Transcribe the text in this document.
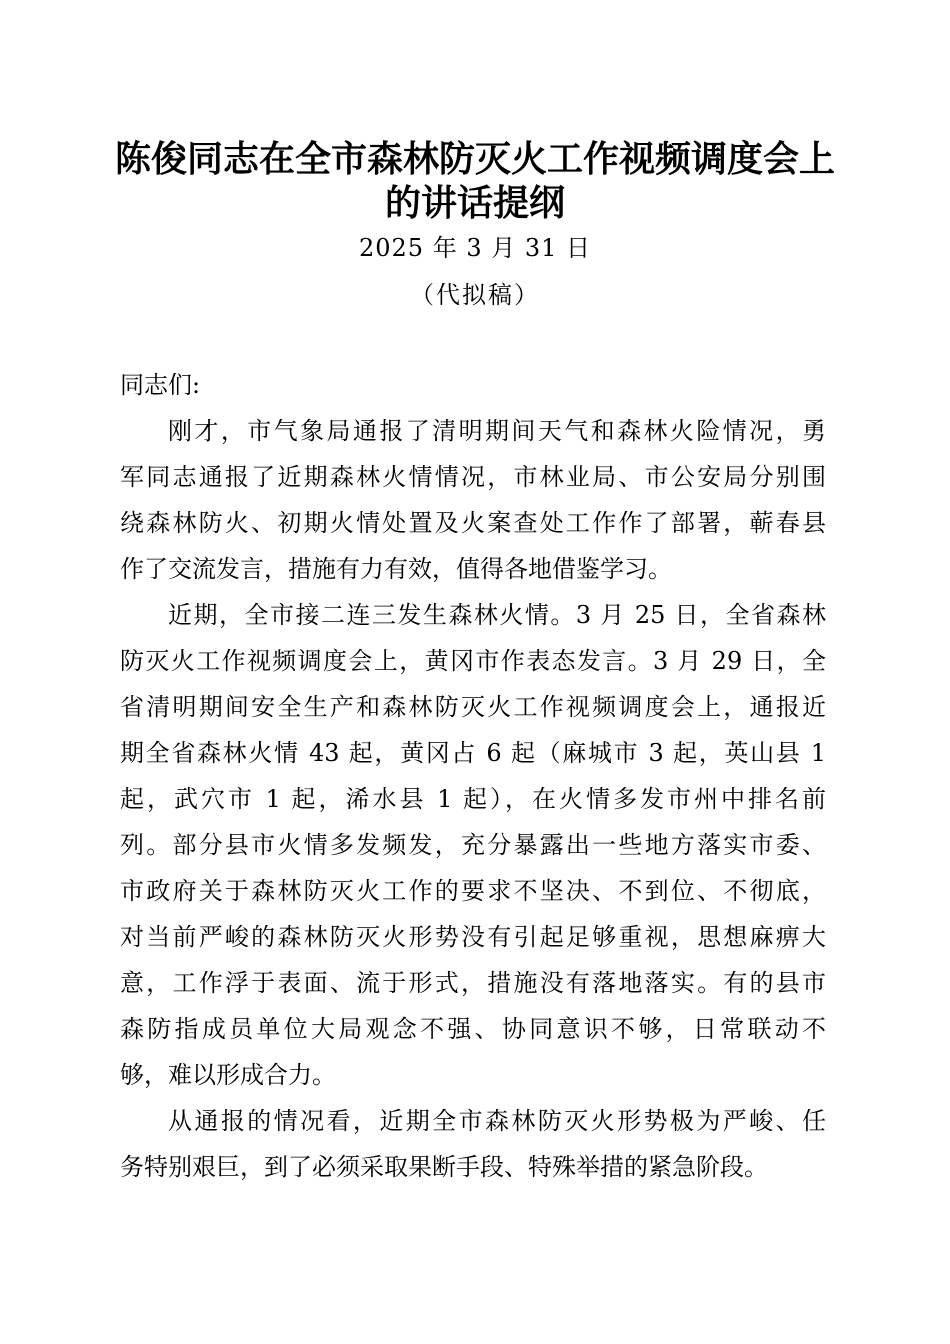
陈俊同志在全市森林防灭火工作视频调度会上
的讲话提纲
2025 年 3 月 31 日
（代拟稿）
同志们:
刚才，市气象局通报了清明期间天气和森林火险情况，勇
军同志通报了近期森林火情情况，市林业局、市公安局分别围
绕森林防火、初期火情处置及火案查处工作作了部署，蕲春县
作了交流发言，措施有力有效，值得各地借鉴学习。
近期，全市接二连三发生森林火情。3 月 25 日，全省森林
防灭火工作视频调度会上，黄冈市作表态发言。3 月 29 日，全
省清明期间安全生产和森林防灭火工作视频调度会上，通报近
期全省森林火情 43 起，黄冈占 6 起（麻城市 3 起，英山县 1
起，武穴市 1 起，浠水县 1 起），在火情多发市州中排名前
列。部分县市火情多发频发，充分暴露出一些地方落实市委、
市政府关于森林防灭火工作的要求不坚决、不到位、不彻底，
对当前严峻的森林防灭火形势没有引起足够重视，思想麻痹大
意，工作浮于表面、流于形式，措施没有落地落实。有的县市
森防指成员单位大局观念不强、协同意识不够，日常联动不
够，难以形成合力。
从通报的情况看，近期全市森林防灭火形势极为严峻、任
务特别艰巨，到了必须采取果断手段、特殊举措的紧急阶段。
